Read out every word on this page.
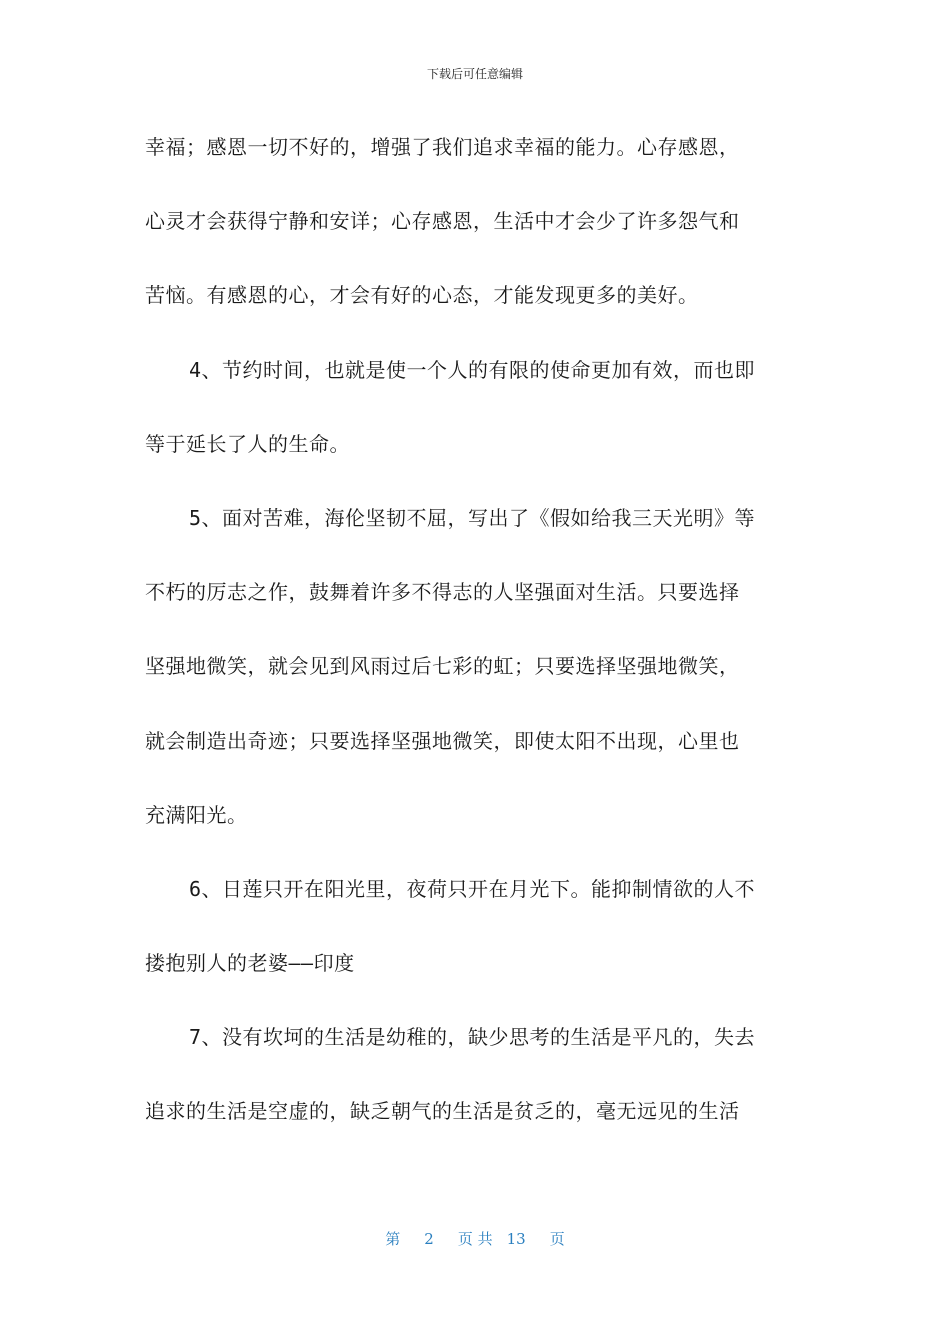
下载后可任意编辑
幸福；感恩一切不好的，增强了我们追求幸福的能力。心存感恩，
心灵才会获得宁静和安详；心存感恩，生活中才会少了许多怨气和
苦恼。有感恩的心，才会有好的心态，才能发现更多的美好。
4、节约时间，也就是使一个人的有限的使命更加有效，而也即
等于延长了人的生命。
5、面对苦难，海伦坚韧不屈，写出了《假如给我三天光明》等
不朽的厉志之作，鼓舞着许多不得志的人坚强面对生活。只要选择
坚强地微笑，就会见到风雨过后七彩的虹；只要选择坚强地微笑，
就会制造出奇迹；只要选择坚强地微笑，即使太阳不出现，心里也
充满阳光。
6、日莲只开在阳光里，夜荷只开在月光下。能抑制情欲的人不
搂抱别人的老婆——印度
7、没有坎坷的生活是幼稚的，缺少思考的生活是平凡的，失去
追求的生活是空虚的，缺乏朝气的生活是贫乏的，毫无远见的生活
第 2 页 共 13 页
